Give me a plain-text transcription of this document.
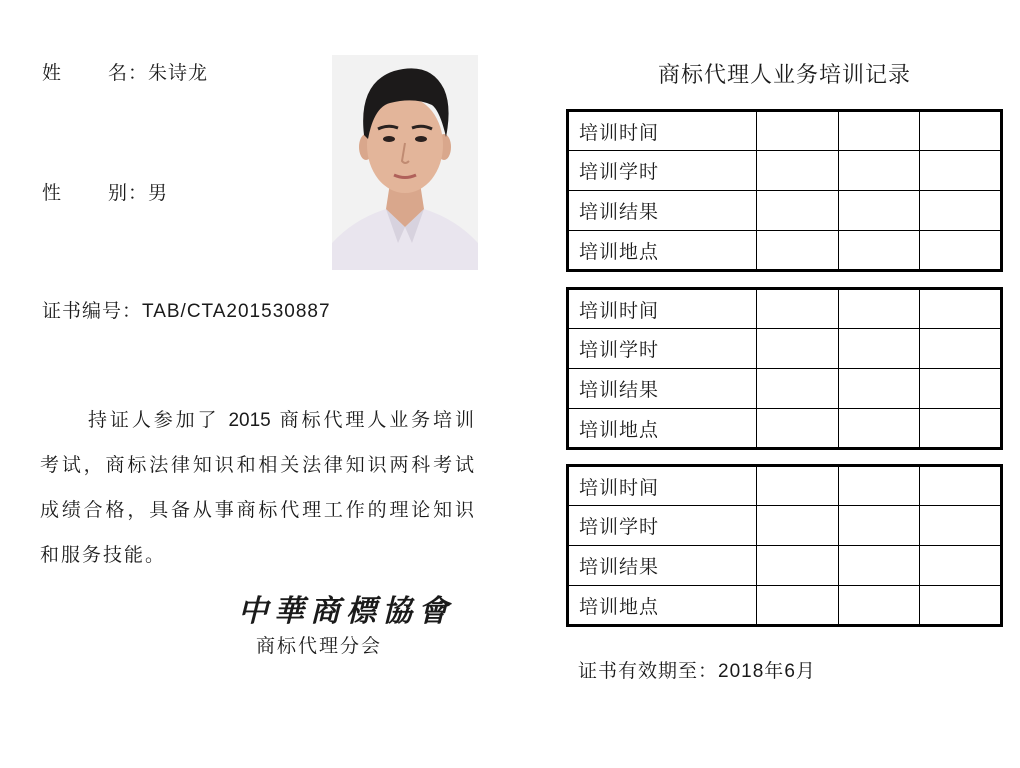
姓 名：朱诗龙
性 别：男
证书编号：TAB/CTA201530887

持证人参加了 2015 商标代理人业务培训考试，商标法律知识和相关法律知识两科考试成绩合格，具备从事商标代理工作的理论知识和服务技能。

中華商標協會
商标代理分会
商标代理人业务培训记录
培训时间			
培训学时			
培训结果			
培训地点			
培训时间			
培训学时			
培训结果			
培训地点			
培训时间			
培训学时			
培训结果			
培训地点			
证书有效期至：2018年6月
